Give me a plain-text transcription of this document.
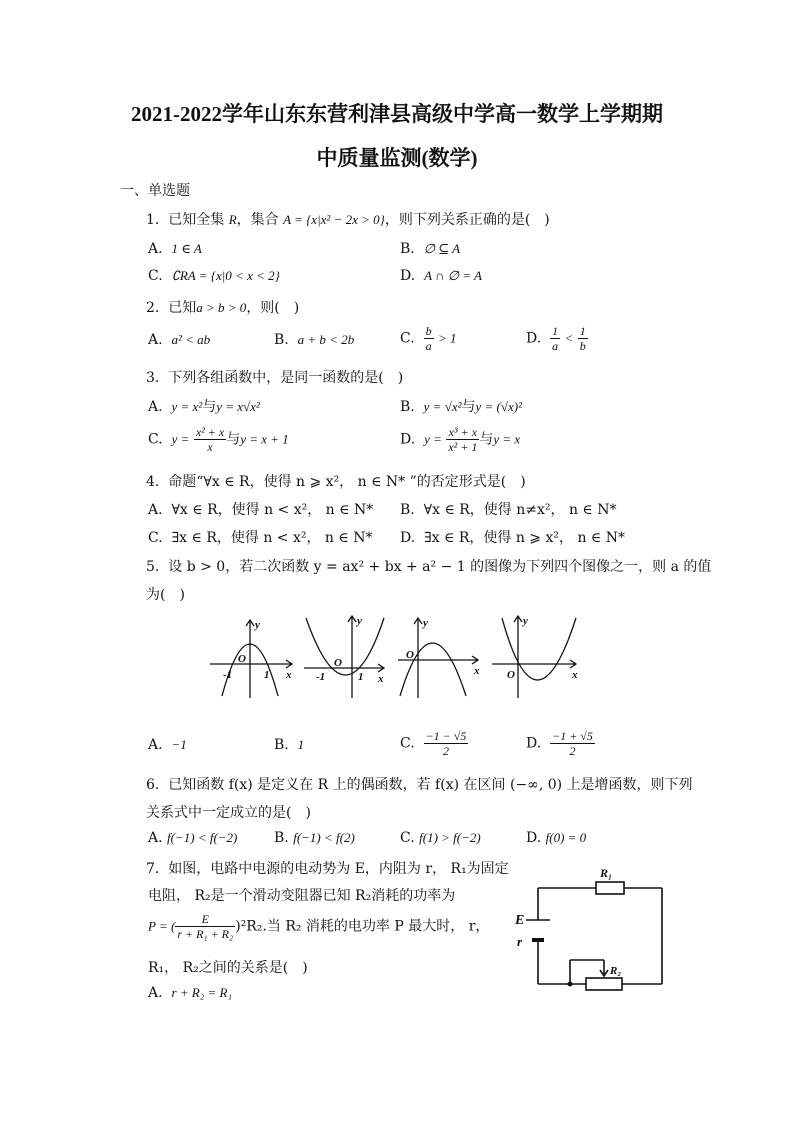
2021-2022学年山东东营利津县高级中学高一数学上学期期
中质量监测(数学)
一、单选题
1. 已知全集 R，集合 A = {x|x² − 2x > 0}，则下列关系正确的是(　)
A. 1 ∈ A	B. ∅ ⊆ A
C. ∁RA = {x|0 < x < 2}	D. A ∩ ∅ = A
2. 已知a > b > 0，则(　)
A. a² < ab	B. a + b < 2b	C. $\frac{b}{a} > 1$	D. $\frac{1}{a} < \frac{1}{b}$
3. 下列各组函数中，是同一函数的是(　)
A. y = x²与y = x√x²	B. y = √x²与y = (√x)²
C. $y = \frac{\text{x² + x}}{x}$ 与y = x + 1	D. $y = \frac{\text{x³ + x}}{\text{x² + 1}}$ 与y = x
4. 命题“∀x ∈ R，使得 n ⩾ x²， n ∈ N* ”的否定形式是(　)
A. ∀x ∈ R，使得 n < x²， n ∈ N* B. ∀x ∈ R，使得 n≠x²， n ∈ N*
C. ∃x ∈ R，使得 n < x²， n ∈ N* D. ∃x ∈ R，使得 n ⩾ x²， n ∈ N*
5. 设 b > 0，若二次函数 y = ax² + bx + a² − 1 的图像为下列四个图像之一，则 a 的值
为(　)
y
x
O
-1	1
y
x
O
-1	1
y
x
O
y
x
O
A. −1	B. 1	C. $\frac{-1 - √5}{2}$	D. $\frac{-1 + √5}{2}$
6. 已知函数 f(x) 是定义在 R 上的偶函数，若 f(x) 在区间 (−∞, 0) 上是增函数，则下列
关系式中一定成立的是(　)
A. f(−1) < f(−2)	B. f(−1) < f(2)	C. f(1) > f(−2)	D. f(0) = 0
7. 如图，电路中电源的电动势为 E，内阻为 r， R₁为固定
电阻， R₂是一个滑动变阻器已知 R₂消耗的功率为
P = ( $\frac{E}{\text{r + R₁ + R₂}} )^2R_2$.当 R₂ 消耗的电功率 P 最大时， r，
R₁， R₂之间的关系是(　)
A. r + R₂ = R₁
R₁
R₂
E
r
